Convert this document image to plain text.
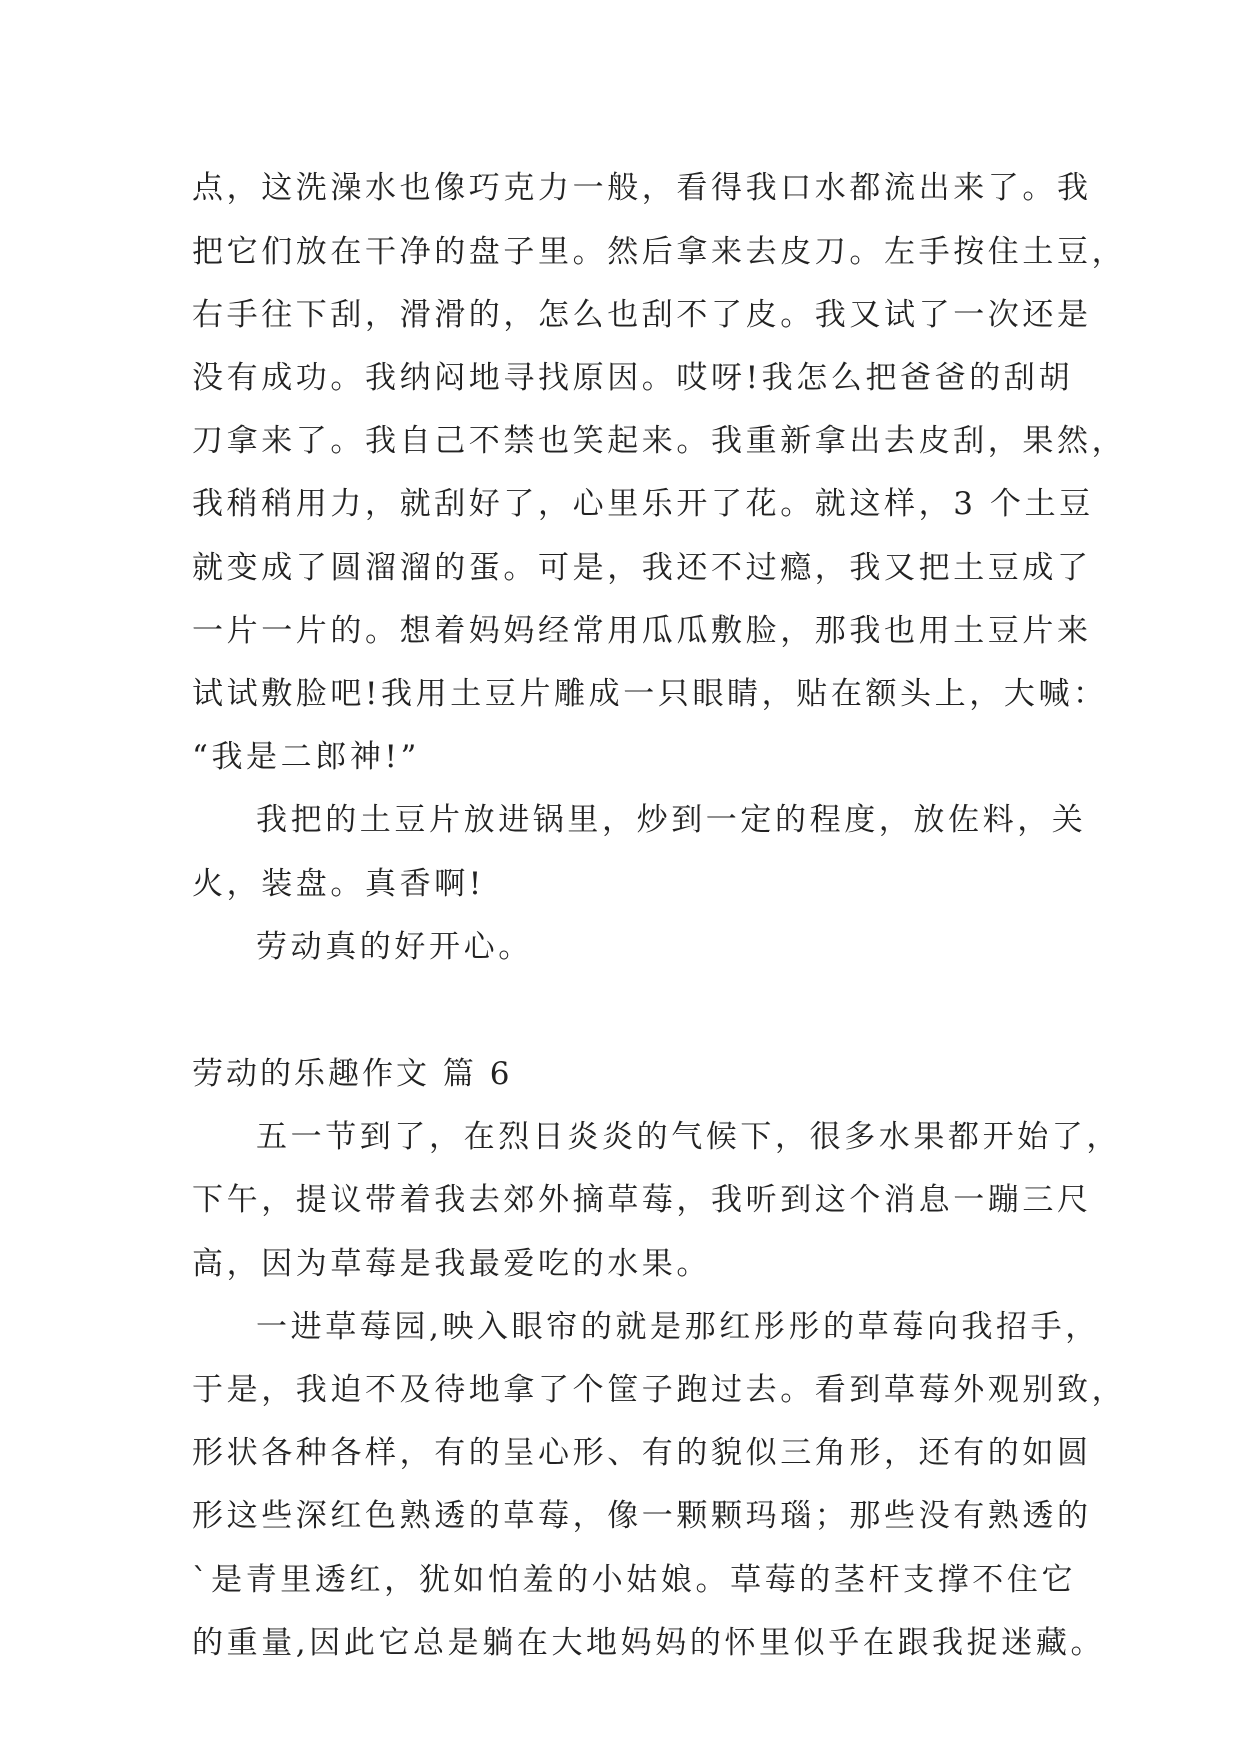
点，这洗澡水也像巧克力一般，看得我口水都流出来了。我
把它们放在干净的盘子里。然后拿来去皮刀。左手按住土豆，
右手往下刮，滑滑的，怎么也刮不了皮。我又试了一次还是
没有成功。我纳闷地寻找原因。哎呀!我怎么把爸爸的刮胡
刀拿来了。我自己不禁也笑起来。我重新拿出去皮刮，果然，
我稍稍用力，就刮好了，心里乐开了花。就这样，3 个土豆
就变成了圆溜溜的蛋。可是，我还不过瘾，我又把土豆成了
一片一片的。想着妈妈经常用瓜瓜敷脸，那我也用土豆片来
试试敷脸吧!我用土豆片雕成一只眼睛，贴在额头上，大喊：
“我是二郎神!”
我把的土豆片放进锅里，炒到一定的程度，放佐料，关
火，装盘。真香啊!
劳动真的好开心。
劳动的乐趣作文 篇 6
五一节到了，在烈日炎炎的气候下，很多水果都开始了，
下午，提议带着我去郊外摘草莓，我听到这个消息一蹦三尺
高，因为草莓是我最爱吃的水果。
一进草莓园,映入眼帘的就是那红彤彤的草莓向我招手，
于是，我迫不及待地拿了个筐子跑过去。看到草莓外观别致，
形状各种各样，有的呈心形、有的貌似三角形，还有的如圆
形这些深红色熟透的草莓，像一颗颗玛瑙；那些没有熟透的
`是青里透红，犹如怕羞的小姑娘。草莓的茎杆支撑不住它
的重量,因此它总是躺在大地妈妈的怀里似乎在跟我捉迷藏。
